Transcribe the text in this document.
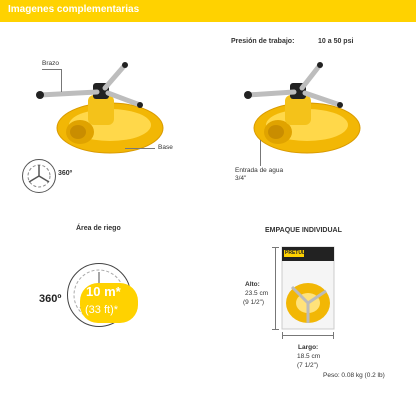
Imagenes complementarias
Presión de trabajo:	10 a 50 psi
Brazo
Base
360º	Entrada de agua
3/4"
Área de riego
10 m*
(33 ft)*
360º
EMPAQUE INDIVIDUAL
PRETUL
Alto:
23.5 cm
(9 1/2")
Largo:
18.5 cm
(7 1/2")
Peso: 0.08 kg (0.2 lb)
